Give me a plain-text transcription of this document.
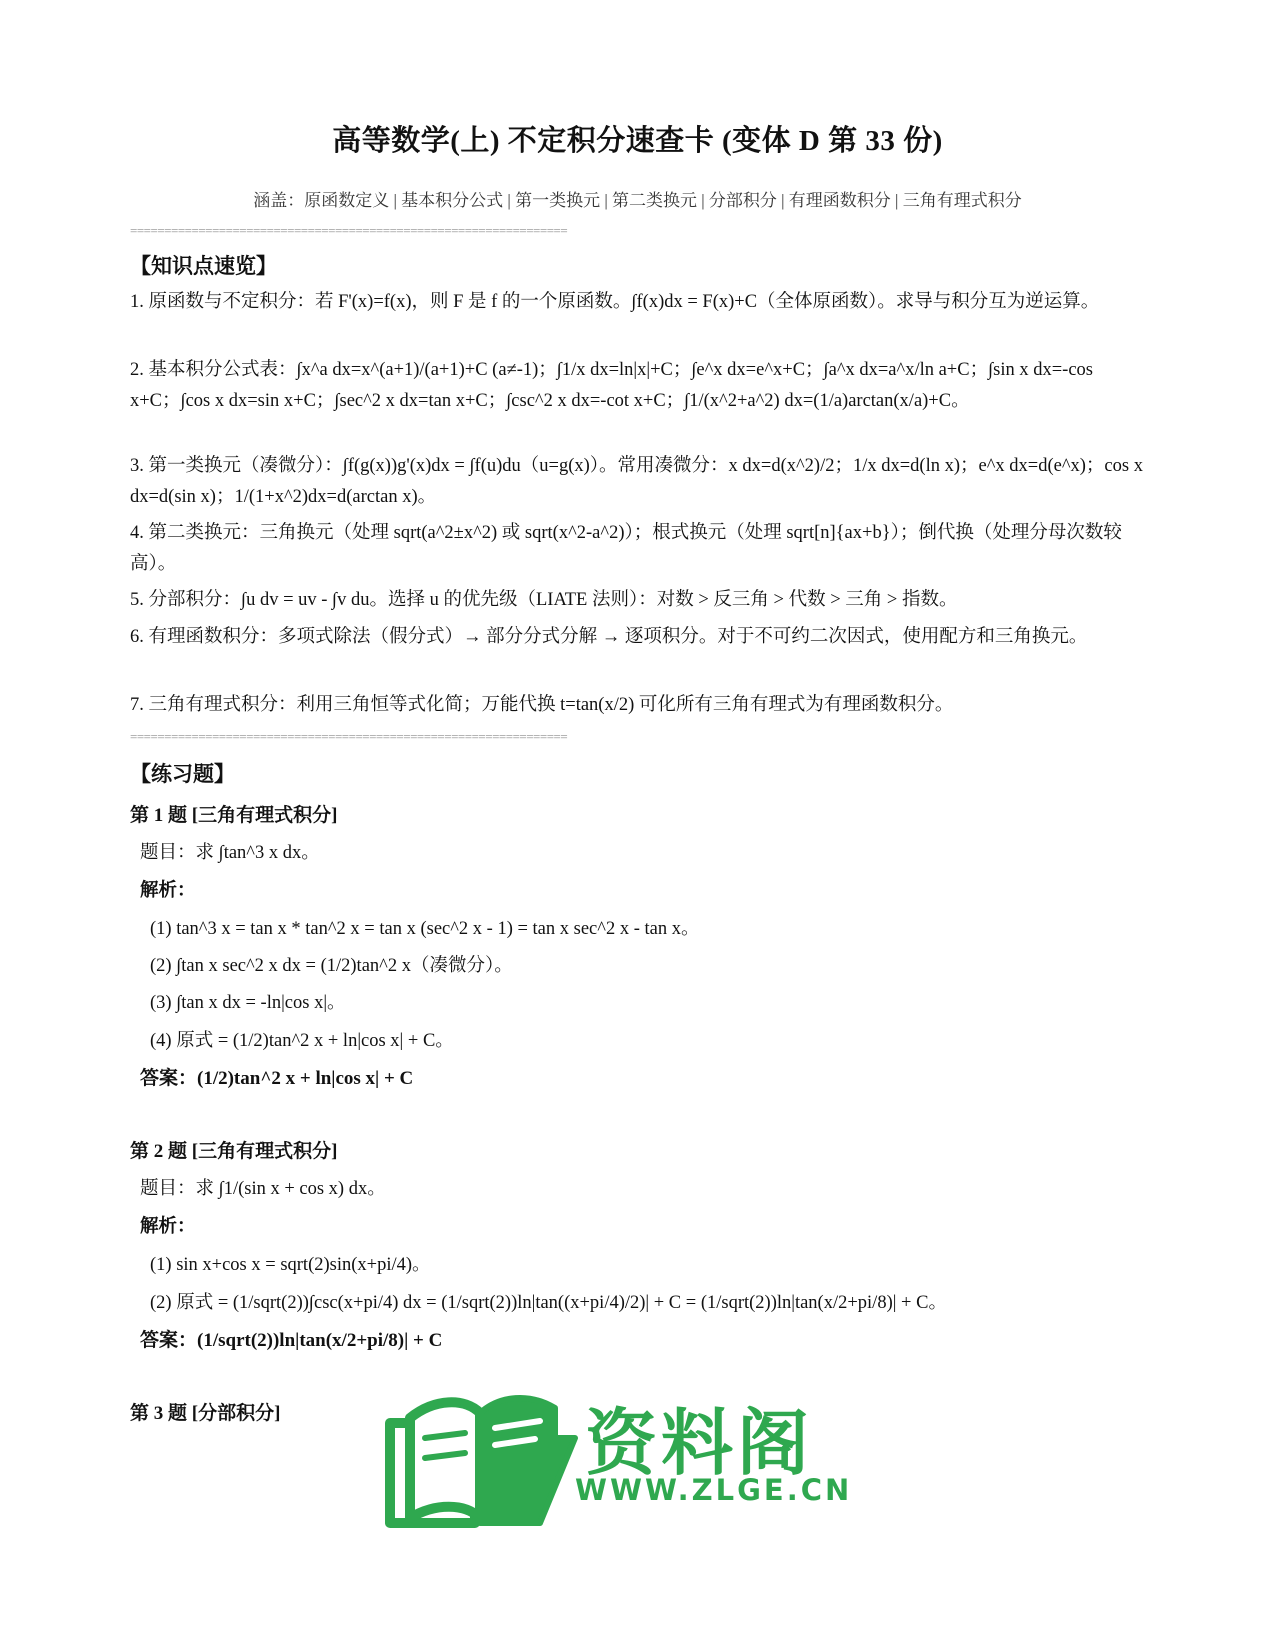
高等数学(上) 不定积分速查卡 (变体 D 第 33 份)
涵盖：原函数定义 | 基本积分公式 | 第一类换元 | 第二类换元 | 分部积分 | 有理函数积分 | 三角有理式积分
================================================================
【知识点速览】
1. 原函数与不定积分：若 F'(x)=f(x)，则 F 是 f 的一个原函数。∫f(x)dx = F(x)+C（全体原函数）。求导与积分互为逆运算。
2. 基本积分公式表：∫x^a dx=x^(a+1)/(a+1)+C (a≠-1)；∫1/x dx=ln|x|+C；∫e^x dx=e^x+C；∫a^x dx=a^x/ln a+C；∫sin x dx=-cos x+C；∫cos x dx=sin x+C；∫sec^2 x dx=tan x+C；∫csc^2 x dx=-cot x+C；∫1/(x^2+a^2) dx=(1/a)arctan(x/a)+C。
3. 第一类换元（凑微分）：∫f(g(x))g'(x)dx = ∫f(u)du（u=g(x)）。常用凑微分：x dx=d(x^2)/2；1/x dx=d(ln x)；e^x dx=d(e^x)；cos x dx=d(sin x)；1/(1+x^2)dx=d(arctan x)。
4. 第二类换元：三角换元（处理 sqrt(a^2±x^2) 或 sqrt(x^2-a^2)）；根式换元（处理 sqrt[n]{ax+b}）；倒代换（处理分母次数较高）。
5. 分部积分：∫u dv = uv - ∫v du。选择 u 的优先级（LIATE 法则）：对数 > 反三角 > 代数 > 三角 > 指数。
6. 有理函数积分：多项式除法（假分式）→ 部分分式分解 → 逐项积分。对于不可约二次因式，使用配方和三角换元。
7. 三角有理式积分：利用三角恒等式化简；万能代换 t=tan(x/2) 可化所有三角有理式为有理函数积分。
================================================================
【练习题】
第 1 题 [三角有理式积分]
题目：求 ∫tan^3 x dx。
解析：
(1) tan^3 x = tan x * tan^2 x = tan x (sec^2 x - 1) = tan x sec^2 x - tan x。
(2) ∫tan x sec^2 x dx = (1/2)tan^2 x（凑微分）。
(3) ∫tan x dx = -ln|cos x|。
(4) 原式 = (1/2)tan^2 x + ln|cos x| + C。
答案：(1/2)tan^2 x + ln|cos x| + C
第 2 题 [三角有理式积分]
题目：求 ∫1/(sin x + cos x) dx。
解析：
(1) sin x+cos x = sqrt(2)sin(x+pi/4)。
(2) 原式 = (1/sqrt(2))∫csc(x+pi/4) dx = (1/sqrt(2))ln|tan((x+pi/4)/2)| + C = (1/sqrt(2))ln|tan(x/2+pi/8)| + C。
答案：(1/sqrt(2))ln|tan(x/2+pi/8)| + C
第 3 题 [分部积分]	资料阁
WWW.ZLGE.CN
